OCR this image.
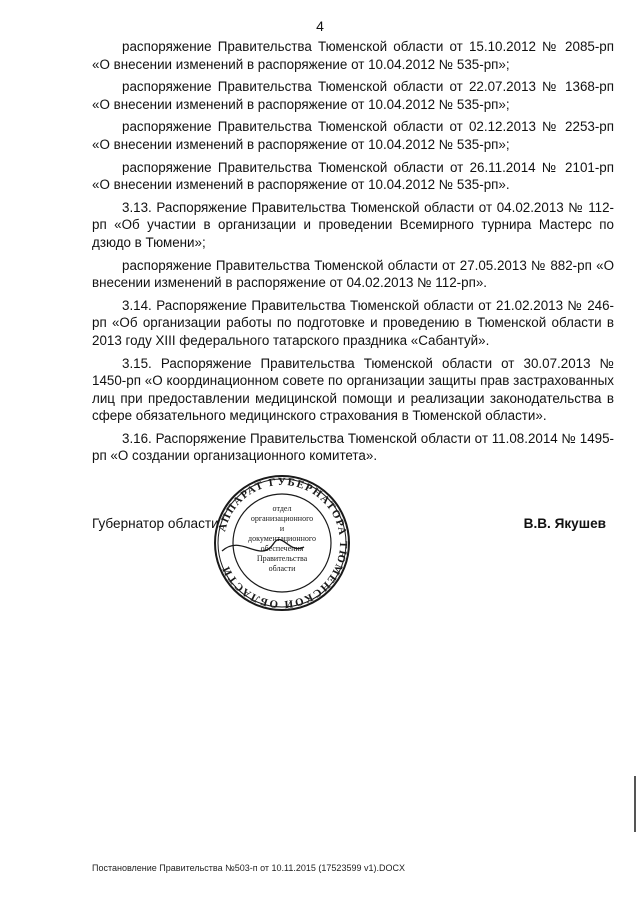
4

распоряжение Правительства Тюменской области от 15.10.2012 № 2085-рп «О внесении изменений в распоряжение от 10.04.2012 № 535-рп»;

распоряжение Правительства Тюменской области от 22.07.2013 № 1368-рп «О внесении изменений в распоряжение от 10.04.2012 № 535-рп»;

распоряжение Правительства Тюменской области от 02.12.2013 № 2253-рп «О внесении изменений в распоряжение от 10.04.2012 № 535-рп»;

распоряжение Правительства Тюменской области от 26.11.2014 № 2101-рп «О внесении изменений в распоряжение от 10.04.2012 № 535-рп».

3.13. Распоряжение Правительства Тюменской области от 04.02.2013 № 112-рп «Об участии в организации и проведении Всемирного турнира Мастерс по дзюдо в Тюмени»;

распоряжение Правительства Тюменской области от 27.05.2013 № 882-рп «О внесении изменений в распоряжение от 04.02.2013 № 112-рп».

3.14. Распоряжение Правительства Тюменской области от 21.02.2013 № 246-рп «Об организации работы по подготовке и проведению в Тюменской области в 2013 году XIII федерального татарского праздника «Сабантуй».

3.15. Распоряжение Правительства Тюменской области от 30.07.2013 № 1450-рп «О координационном совете по организации защиты прав застрахованных лиц при предоставлении медицинской помощи и реализации законодательства в сфере обязательного медицинского страхования в Тюменской области».

3.16. Распоряжение Правительства Тюменской области от 11.08.2014 № 1495-рп «О создании организационного комитета».

Губернатор области	В.В. Якушев
АППАРАТ ГУБЕРНАТОРА ТЮМЕНСКОЙ ОБЛАСТИ
отдел
организационного
и
документационного
обеспечения
Правительства
области
Постановление Правительства №503-п от 10.11.2015 (17523599 v1).DOCX
